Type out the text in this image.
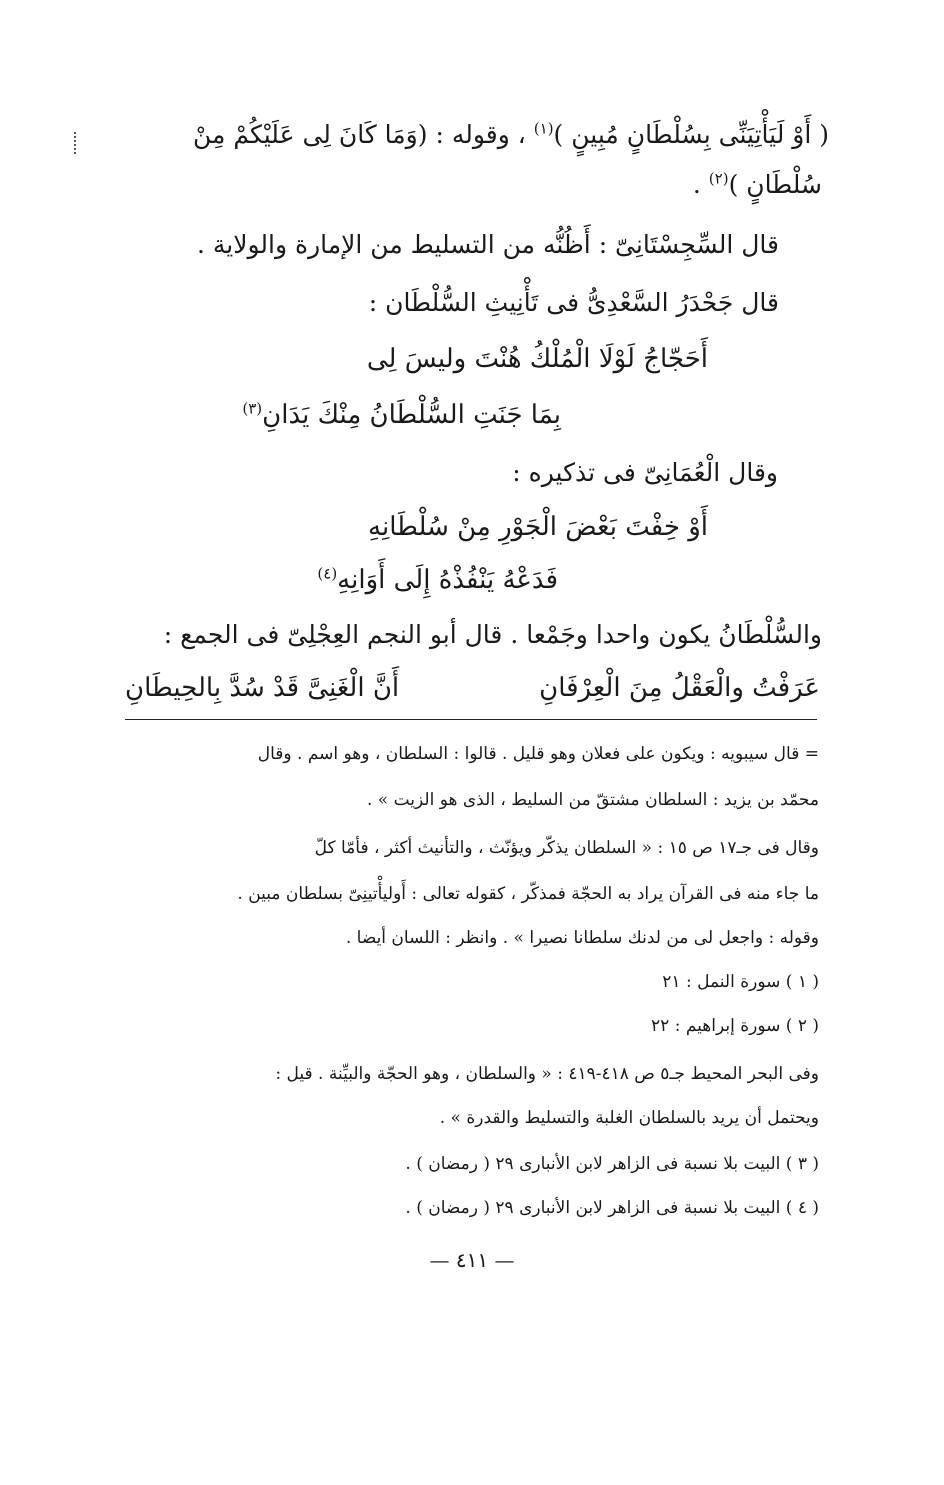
( أَوْ لَيَأْتِيَنِّى بِسُلْطَانٍ مُبِينٍ )$^{(١)}$ ، وقوله : (وَمَا كَانَ لِى عَلَيْكُمْ مِنْ
سُلْطَانٍ )$^{(٢)}$ .
قال السِّجِسْتَانِىّ : أَظُنُّه من التسليط من الإمارة والولاية .
قال جَحْدَرُ السَّعْدِىُّ فى تَأْنِيثِ السُّلْطَان :
أَحَجّاجُ لَوْلَا الْمُلْكُ هُنْتَ وليسَ لِى
بِمَا جَنَتِ السُّلْطَانُ مِنْكَ يَدَانِ$^{(٣)}$
وقال الْعُمَانِىّ فى تذكيره :
أَوْ خِفْتَ بَعْضَ الْجَوْرِ مِنْ سُلْطَانِهِ
فَدَعْهُ يَنْفُذْهُ إِلَى أَوَانِهِ$^{(٤)}$
والسُّلْطَانُ يكون واحدا وجَمْعا . قال أبو النجم العِجْلِىّ فى الجمع :
عَرَفْتُ والْعَقْلُ مِنَ الْعِرْفَانِ
أَنَّ الْغَنِىَّ قَدْ سُدَّ بِالحِيطَانِ
= قال سيبويه : ويكون على فعلان وهو قليل . قالوا : السلطان ، وهو اسم . وقال
محمّد بن يزيد : السلطان مشتقّ من السليط ، الذى هو الزيت » .
وقال فى جـ١٧ ص ١٥ : « السلطان يذكّر ويؤنّث ، والتأنيث أكثر ، فأمّا كلّ
ما جاء منه فى القرآن يراد به الحجّة فمذكّر ، كقوله تعالى : أَوليأْتينِىّ بسلطان مبين .
وقوله : واجعل لى من لدنك سلطانا نصيرا » . وانظر : اللسان أيضا .
( ١ ) سورة النمل : ٢١
( ٢ ) سورة إبراهيم : ٢٢
وفى البحر المحيط جـ٥ ص ٤١٨-٤١٩ : « والسلطان ، وهو الحجّة والبيِّنة . قيل :
ويحتمل أن يريد بالسلطان الغلبة والتسليط والقدرة » .
( ٣ ) البيت بلا نسبة فى الزاهر لابن الأنبارى ٢٩ ( رمضان ) .
( ٤ ) البيت بلا نسبة فى الزاهر لابن الأنبارى ٢٩ ( رمضان ) .
— ٤١١ —
